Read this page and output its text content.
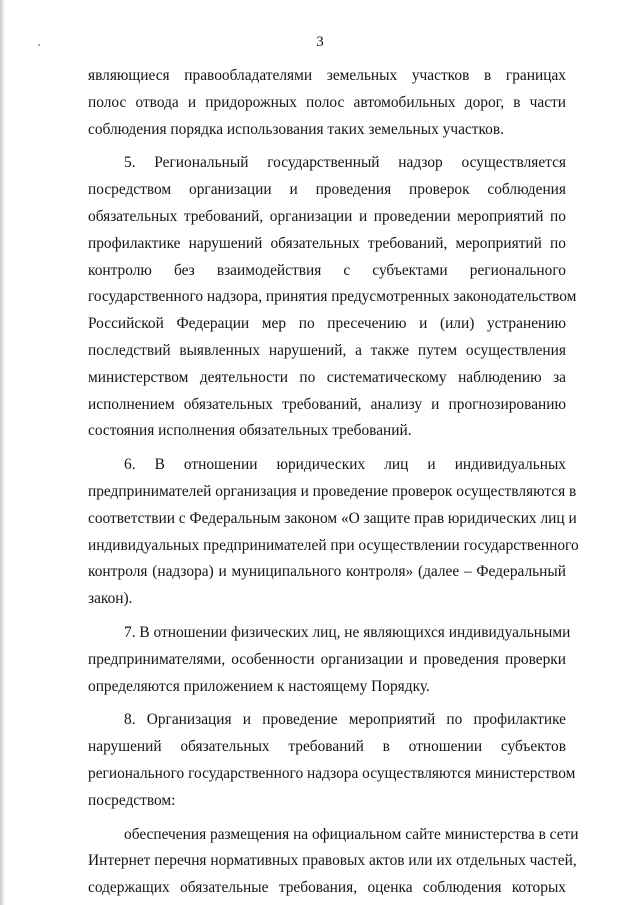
3
являющиеся правообладателями земельных участков в границах
полос отвода и придорожных полос автомобильных дорог, в части
соблюдения порядка использования таких земельных участков.
5. Региональный государственный надзор осуществляется
посредством организации и проведения проверок соблюдения
обязательных требований, организации и проведении мероприятий по
профилактике нарушений обязательных требований, мероприятий по
контролю без взаимодействия с субъектами регионального
государственного надзора, принятия предусмотренных законодательством
Российской Федерации мер по пресечению и (или) устранению
последствий выявленных нарушений, а также путем осуществления
министерством деятельности по систематическому наблюдению за
исполнением обязательных требований, анализу и прогнозированию
состояния исполнения обязательных требований.
6. В отношении юридических лиц и индивидуальных
предпринимателей организация и проведение проверок осуществляются в
соответствии с Федеральным законом «О защите прав юридических лиц и
индивидуальных предпринимателей при осуществлении государственного
контроля (надзора) и муниципального контроля» (далее – Федеральный
закон).
7. В отношении физических лиц, не являющихся индивидуальными
предпринимателями, особенности организации и проведения проверки
определяются приложением к настоящему Порядку.
8. Организация и проведение мероприятий по профилактике
нарушений обязательных требований в отношении субъектов
регионального государственного надзора осуществляются министерством
посредством:
обеспечения размещения на официальном сайте министерства в сети
Интернет перечня нормативных правовых актов или их отдельных частей,
содержащих обязательные требования, оценка соблюдения которых
